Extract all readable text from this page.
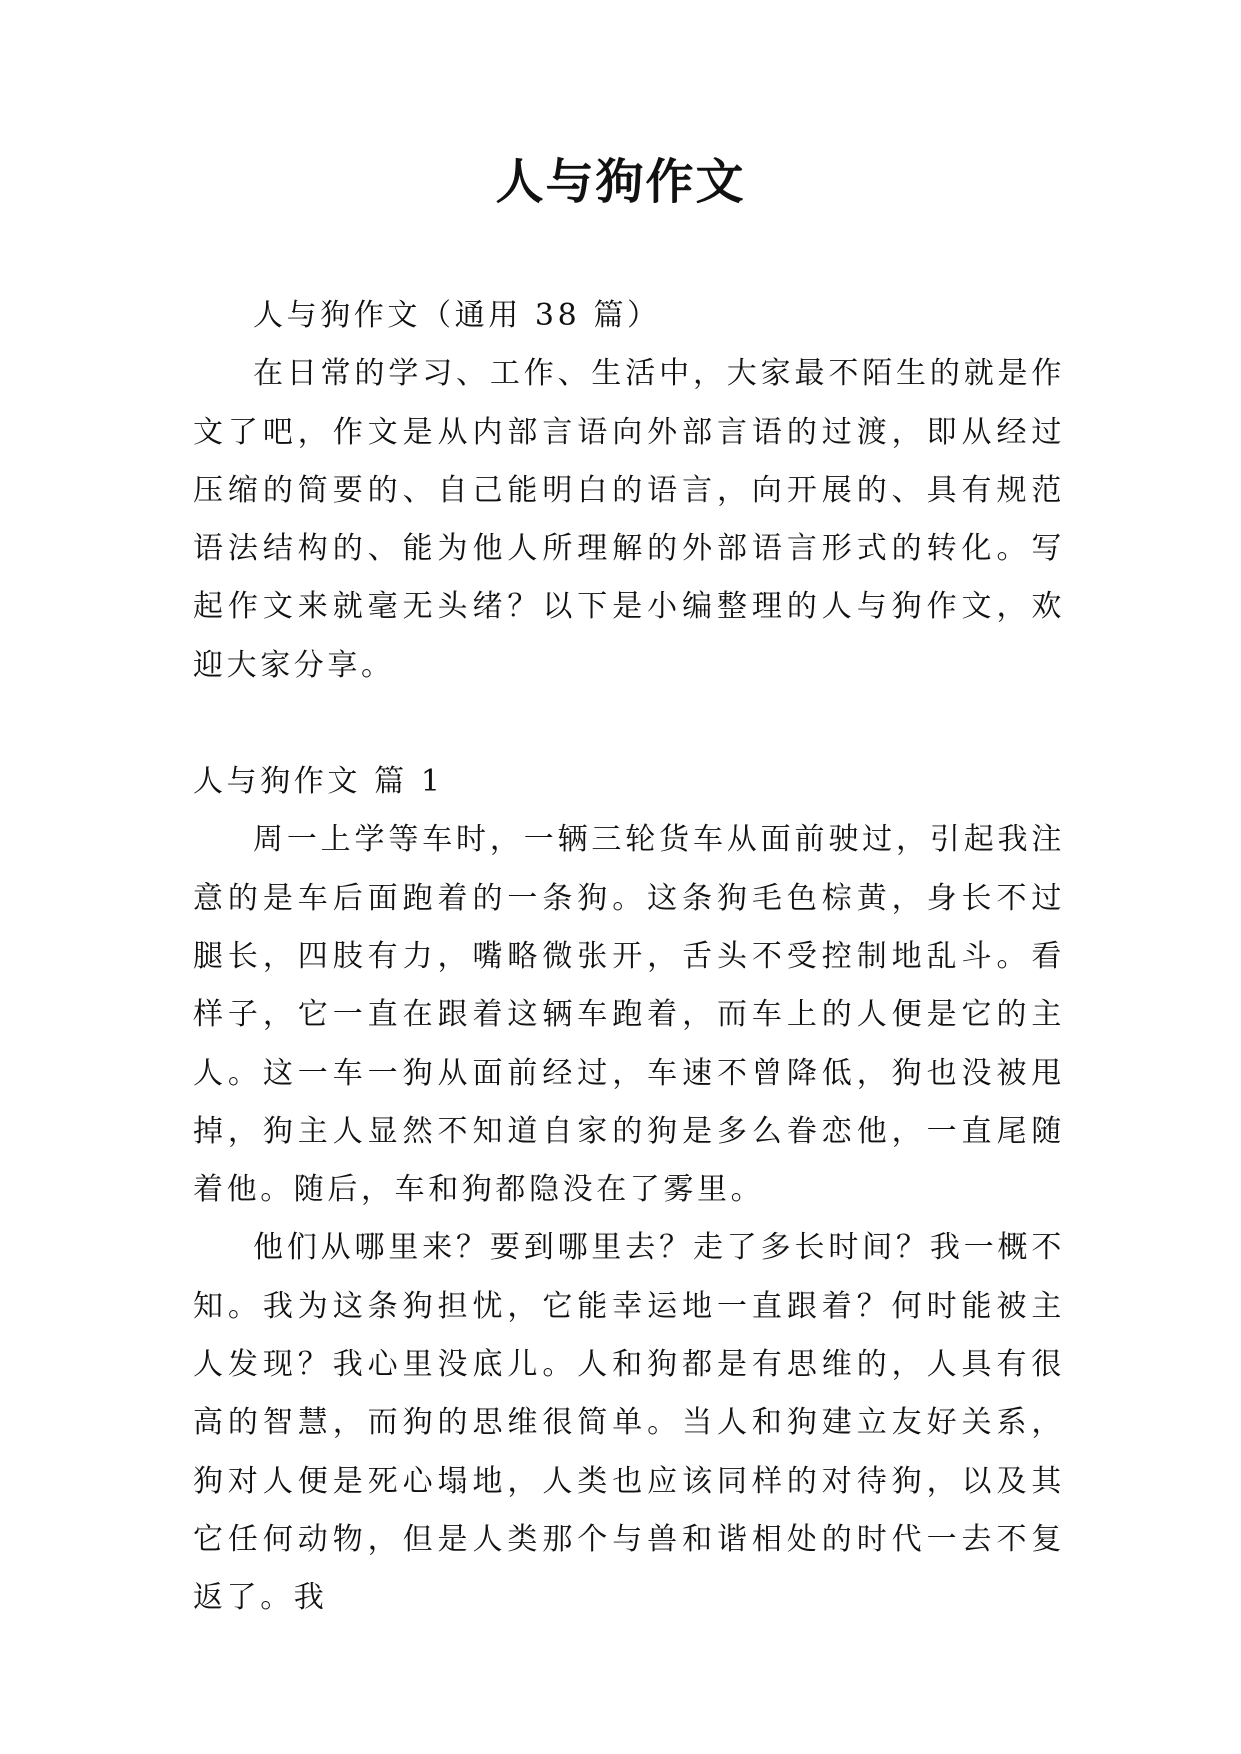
人与狗作文

人与狗作文（通用 38 篇）

在日常的学习、工作、生活中，大家最不陌生的就是作文了吧，作文是从内部言语向外部言语的过渡，即从经过压缩的简要的、自己能明白的语言，向开展的、具有规范语法结构的、能为他人所理解的外部语言形式的转化。写起作文来就毫无头绪？以下是小编整理的人与狗作文，欢迎大家分享。

人与狗作文 篇 1

周一上学等车时，一辆三轮货车从面前驶过，引起我注意的是车后面跑着的一条狗。这条狗毛色棕黄，身长不过腿长，四肢有力，嘴略微张开，舌头不受控制地乱斗。看样子，它一直在跟着这辆车跑着，而车上的人便是它的主人。这一车一狗从面前经过，车速不曾降低，狗也没被甩掉，狗主人显然不知道自家的狗是多么眷恋他，一直尾随着他。随后，车和狗都隐没在了雾里。

他们从哪里来？要到哪里去？走了多长时间？我一概不知。我为这条狗担忧，它能幸运地一直跟着？何时能被主人发现？我心里没底儿。人和狗都是有思维的，人具有很高的智慧，而狗的思维很简单。当人和狗建立友好关系，狗对人便是死心塌地，人类也应该同样的对待狗，以及其它任何动物，但是人类那个与兽和谐相处的时代一去不复返了。我
